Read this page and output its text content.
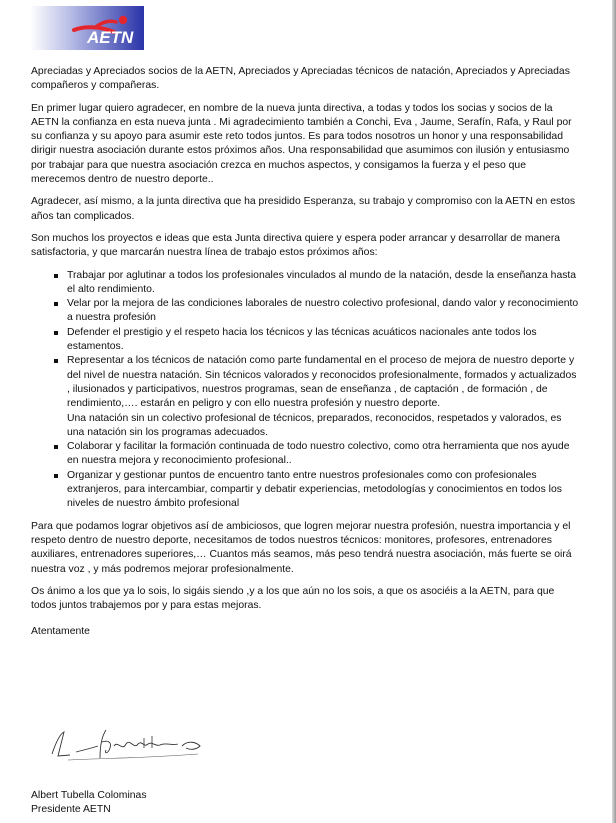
AETN

Apreciadas y Apreciados socios de la AETN, Apreciados y Apreciadas técnicos de natación, Apreciados y Apreciadas compañeros y compañeras.

En primer lugar quiero agradecer, en nombre de la nueva junta directiva, a todas y todos los socias y socios de la AETN la confianza en esta nueva junta . Mi agradecimiento también a Conchi, Eva , Jaume, Serafín, Rafa, y Raul por su confianza y su apoyo para asumir este reto todos juntos. Es para todos nosotros un honor y una responsabilidad dirigir nuestra asociación durante estos próximos años. Una responsabilidad que asumimos con ilusión y entusiasmo por trabajar para que nuestra asociación crezca en muchos aspectos, y consigamos la fuerza y el peso que merecemos dentro de nuestro deporte..

Agradecer, así mismo, a la junta directiva que ha presidido Esperanza, su trabajo y compromiso con la AETN en estos años tan complicados.

Son muchos los proyectos e ideas que esta Junta directiva quiere y espera poder arrancar y desarrollar de manera satisfactoria, y que marcarán nuestra línea de trabajo estos próximos años:

Trabajar por aglutinar a todos los profesionales vinculados al mundo de la natación, desde la enseñanza hasta el alto rendimiento.
Velar por la mejora de las condiciones laborales de nuestro colectivo profesional, dando valor y reconocimiento a nuestra profesión
Defender el prestigio y el respeto hacia los técnicos y las técnicas acuáticos nacionales ante todos los estamentos.
Representar a los técnicos de natación como parte fundamental en el proceso de mejora de nuestro deporte y del nivel de nuestra natación. Sin técnicos valorados y reconocidos profesionalmente, formados y actualizados , ilusionados y participativos, nuestros programas, sean de enseñanza , de captación , de formación , de rendimiento,…. estarán en peligro y con ello nuestra profesión y nuestro deporte.
Una natación sin un colectivo profesional de técnicos, preparados, reconocidos, respetados y valorados, es una natación sin los programas adecuados.
Colaborar y facilitar la formación continuada de todo nuestro colectivo, como otra herramienta que nos ayude en nuestra mejora y reconocimiento profesional..
Organizar y gestionar puntos de encuentro tanto entre nuestros profesionales como con profesionales extranjeros, para intercambiar, compartir y debatir experiencias, metodologías y conocimientos en todos los niveles de nuestro ámbito profesional

Para que podamos lograr objetivos así de ambiciosos, que logren mejorar nuestra profesión, nuestra importancia y el respeto dentro de nuestro deporte, necesitamos de todos nuestros técnicos: monitores, profesores, entrenadores auxiliares, entrenadores superiores,… Cuantos más seamos, más peso tendrá nuestra asociación, más fuerte se oirá nuestra voz , y más podremos mejorar profesionalmente.

Os ánimo a los que ya lo sois, lo sigáis siendo ,y a los que aún no los sois, a que os asociéis a la AETN, para que todos juntos trabajemos por y para estas mejoras.

Atentamente

Albert Tubella Colominas
Presidente AETN
